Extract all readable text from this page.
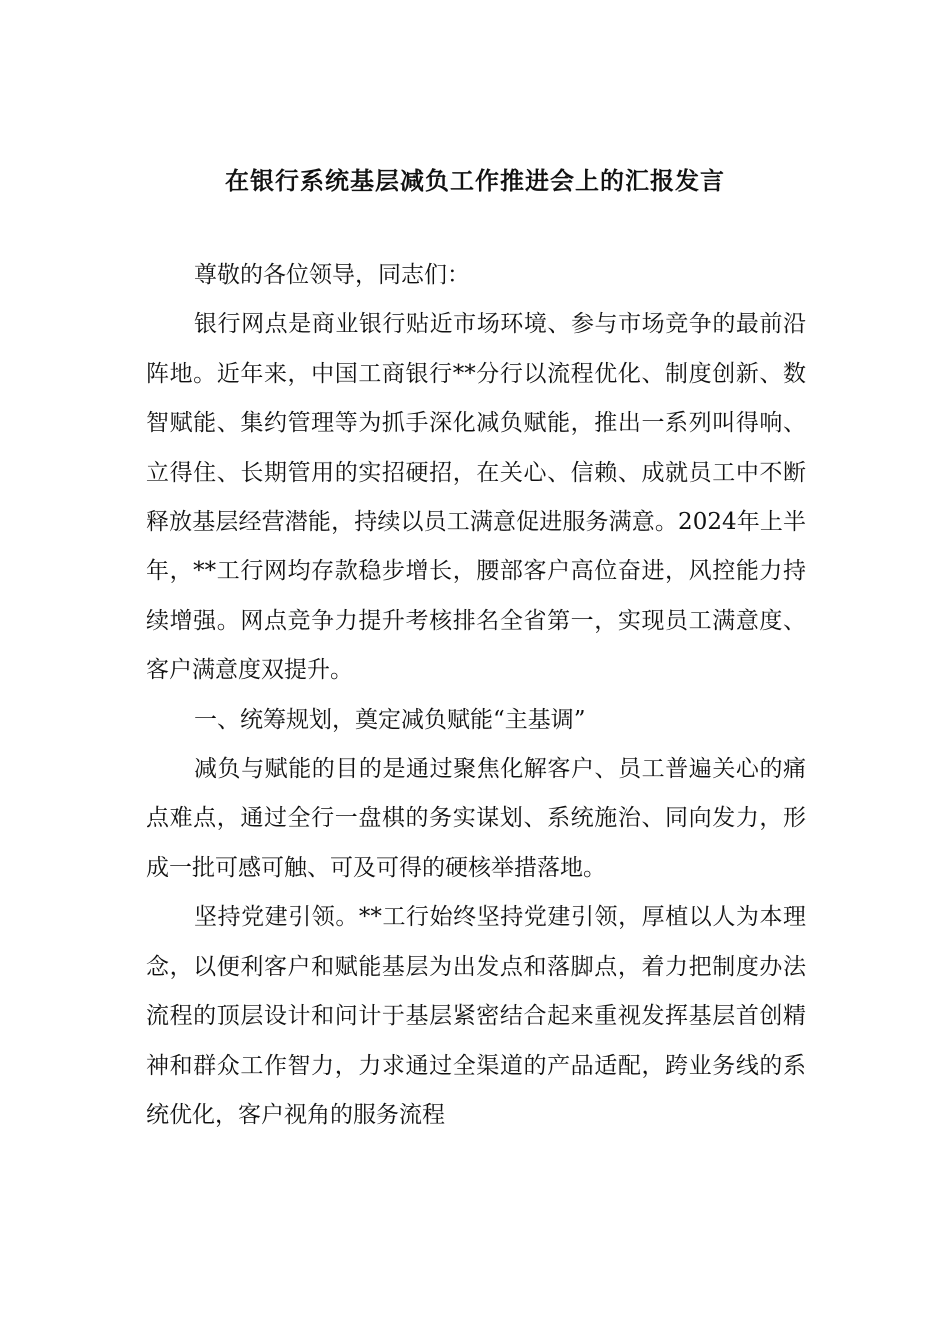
在银行系统基层减负工作推进会上的汇报发言

尊敬的各位领导，同志们：

银行网点是商业银行贴近市场环境、参与市场竞争的最前沿阵地。近年来，中国工商银行**分行以流程优化、制度创新、数智赋能、集约管理等为抓手深化减负赋能，推出一系列叫得响、立得住、长期管用的实招硬招，在关心、信赖、成就员工中不断释放基层经营潜能，持续以员工满意促进服务满意。2024年上半年，**工行网均存款稳步增长，腰部客户高位奋进，风控能力持续增强。网点竞争力提升考核排名全省第一，实现员工满意度、客户满意度双提升。

一、统筹规划，奠定减负赋能“主基调”

减负与赋能的目的是通过聚焦化解客户、员工普遍关心的痛点难点，通过全行一盘棋的务实谋划、系统施治、同向发力，形成一批可感可触、可及可得的硬核举措落地。

坚持党建引领。**工行始终坚持党建引领，厚植以人为本理念，以便利客户和赋能基层为出发点和落脚点，着力把制度办法流程的顶层设计和问计于基层紧密结合起来重视发挥基层首创精神和群众工作智力，力求通过全渠道的产品适配，跨业务线的系统优化，客户视角的服务流程
